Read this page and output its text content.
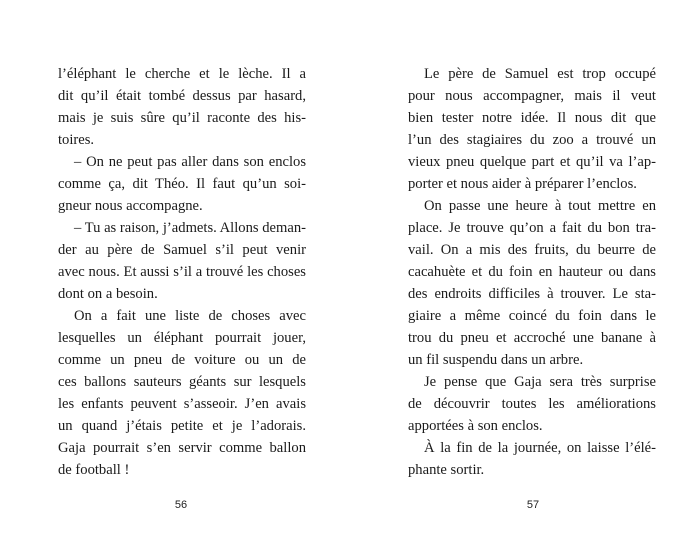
l’éléphant le cherche et le lèche. Il a
dit qu’il était tombé dessus par hasard,
mais je suis sûre qu’il raconte des his-
toires.
– On ne peut pas aller dans son enclos
comme ça, dit Théo. Il faut qu’un soi-
gneur nous accompagne.
– Tu as raison, j’admets. Allons deman-
der au père de Samuel s’il peut venir
avec nous. Et aussi s’il a trouvé les choses
dont on a besoin.
On a fait une liste de choses avec
lesquelles un éléphant pourrait jouer,
comme un pneu de voiture ou un de
ces ballons sauteurs géants sur lesquels
les enfants peuvent s’asseoir. J’en avais
un quand j’étais petite et je l’adorais.
Gaja pourrait s’en servir comme ballon
de football !
56
Le père de Samuel est trop occupé
pour nous accompagner, mais il veut
bien tester notre idée. Il nous dit que
l’un des stagiaires du zoo a trouvé un
vieux pneu quelque part et qu’il va l’ap-
porter et nous aider à préparer l’enclos.
On passe une heure à tout mettre en
place. Je trouve qu’on a fait du bon tra-
vail. On a mis des fruits, du beurre de
cacahuète et du foin en hauteur ou dans
des endroits difficiles à trouver. Le sta-
giaire a même coincé du foin dans le
trou du pneu et accroché une banane à
un fil suspendu dans un arbre.
Je pense que Gaja sera très surprise
de découvrir toutes les améliorations
apportées à son enclos.
À la fin de la journée, on laisse l’élé-
phante sortir.
57
